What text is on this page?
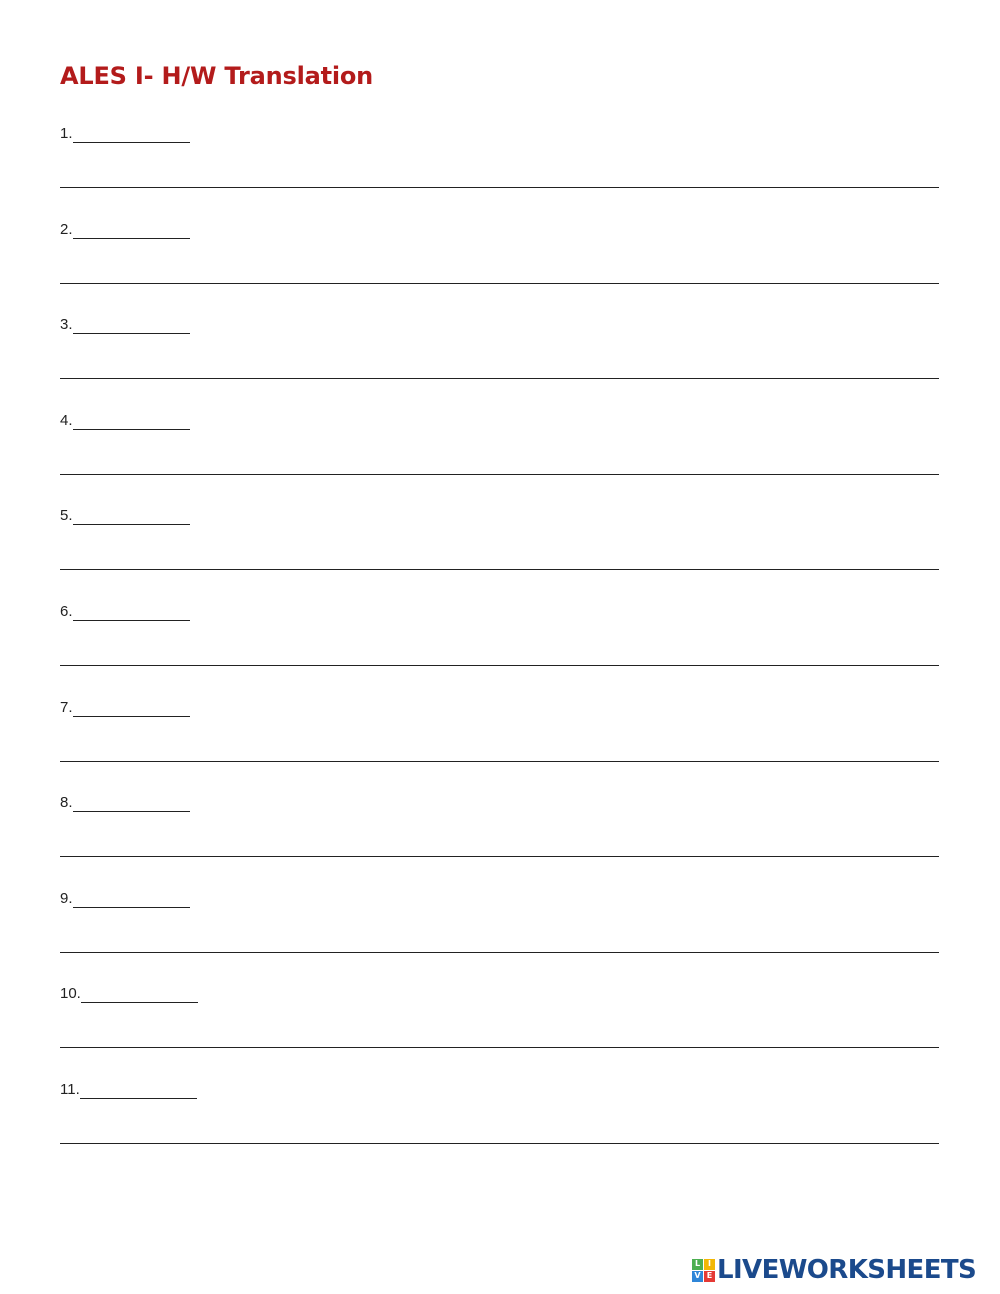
ALES I- H/W Translation
1.
2.
3.
4.
5.
6.
7.
8.
9.
10.
11.
L I
V E LIVEWORKSHEETS
